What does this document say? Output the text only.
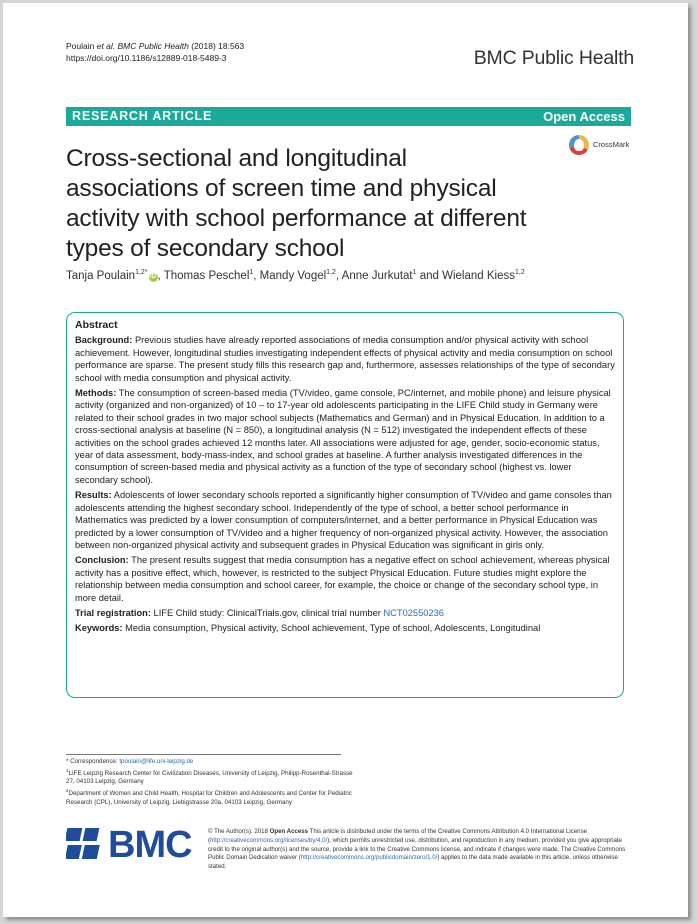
Poulain et al. BMC Public Health (2018) 18:563
https://doi.org/10.1186/s12889-018-5489-3	BMC Public Health
RESEARCH ARTICLE	Open Access
CrossMark
Cross-sectional and longitudinal associations of screen time and physical activity with school performance at different types of secondary school
Tanja Poulain$^{1,2*}$iD , Thomas Peschel$^1$, Mandy Vogel$^{1,2}$, Anne Jurkutat$^1$ and Wieland Kiess$^{1,2}$
Abstract

Background: Previous studies have already reported associations of media consumption and/or physical activity with school achievement. However, longitudinal studies investigating independent effects of physical activity and media consumption on school performance are sparse. The present study fills this research gap and, furthermore, assesses relationships of the type of secondary school with media consumption and physical activity.

Methods: The consumption of screen-based media (TV/video, game console, PC/internet, and mobile phone) and leisure physical activity (organized and non-organized) of 10 – to 17-year old adolescents participating in the LIFE Child study in Germany were related to their school grades in two major school subjects (Mathematics and German) and in Physical Education. In addition to a cross-sectional analysis at baseline (N = 850), a longitudinal analysis (N = 512) investigated the independent effects of these activities on the school grades achieved 12 months later. All associations were adjusted for age, gender, socio-economic status, year of data assessment, body-mass-index, and school grades at baseline. A further analysis investigated differences in the consumption of screen-based media and physical activity as a function of the type of secondary school (highest vs. lower secondary school).

Results: Adolescents of lower secondary schools reported a significantly higher consumption of TV/video and game consoles than adolescents attending the highest secondary school. Independently of the type of school, a better school performance in Mathematics was predicted by a lower consumption of computers/internet, and a better performance in Physical Education was predicted by a lower consumption of TV/video and a higher frequency of non-organized physical activity. However, the association between non-organized physical activity and subsequent grades in Physical Education was significant in girls only.

Conclusion: The present results suggest that media consumption has a negative effect on school achievement, whereas physical activity has a positive effect, which, however, is restricted to the subject Physical Education. Future studies might explore the relationship between media consumption and school career, for example, the choice or change of the secondary school type, in more detail.

Trial registration: LIFE Child study: ClinicalTrials.gov, clinical trial number NCT02550236

Keywords: Media consumption, Physical activity, School achievement, Type of school, Adolescents, Longitudinal

* Correspondence: tpoulain@life.uni-leipzig.de

$^1$LIFE Leipzig Research Center for Civilization Diseases, University of Leipzig, Philipp-Rosenthal-Strasse 27, 04103 Leipzig, Germany

$^2$Department of Women and Child Health, Hospital for Children and Adolescents and Center for Pediatric Research (CPL), University of Leipzig, Liebigstrasse 20a, 04103 Leipzig, Germany

BMC	© The Author(s). 2018 Open Access This article is distributed under the terms of the Creative Commons Attribution 4.0 International License (http://creativecommons.org/licenses/by/4.0/), which permits unrestricted use, distribution, and reproduction in any medium, provided you give appropriate credit to the original author(s) and the source, provide a link to the Creative Commons license, and indicate if changes were made. The Creative Commons Public Domain Dedication waiver (http://creativecommons.org/publicdomain/zero/1.0/) applies to the data made available in this article, unless otherwise stated.
